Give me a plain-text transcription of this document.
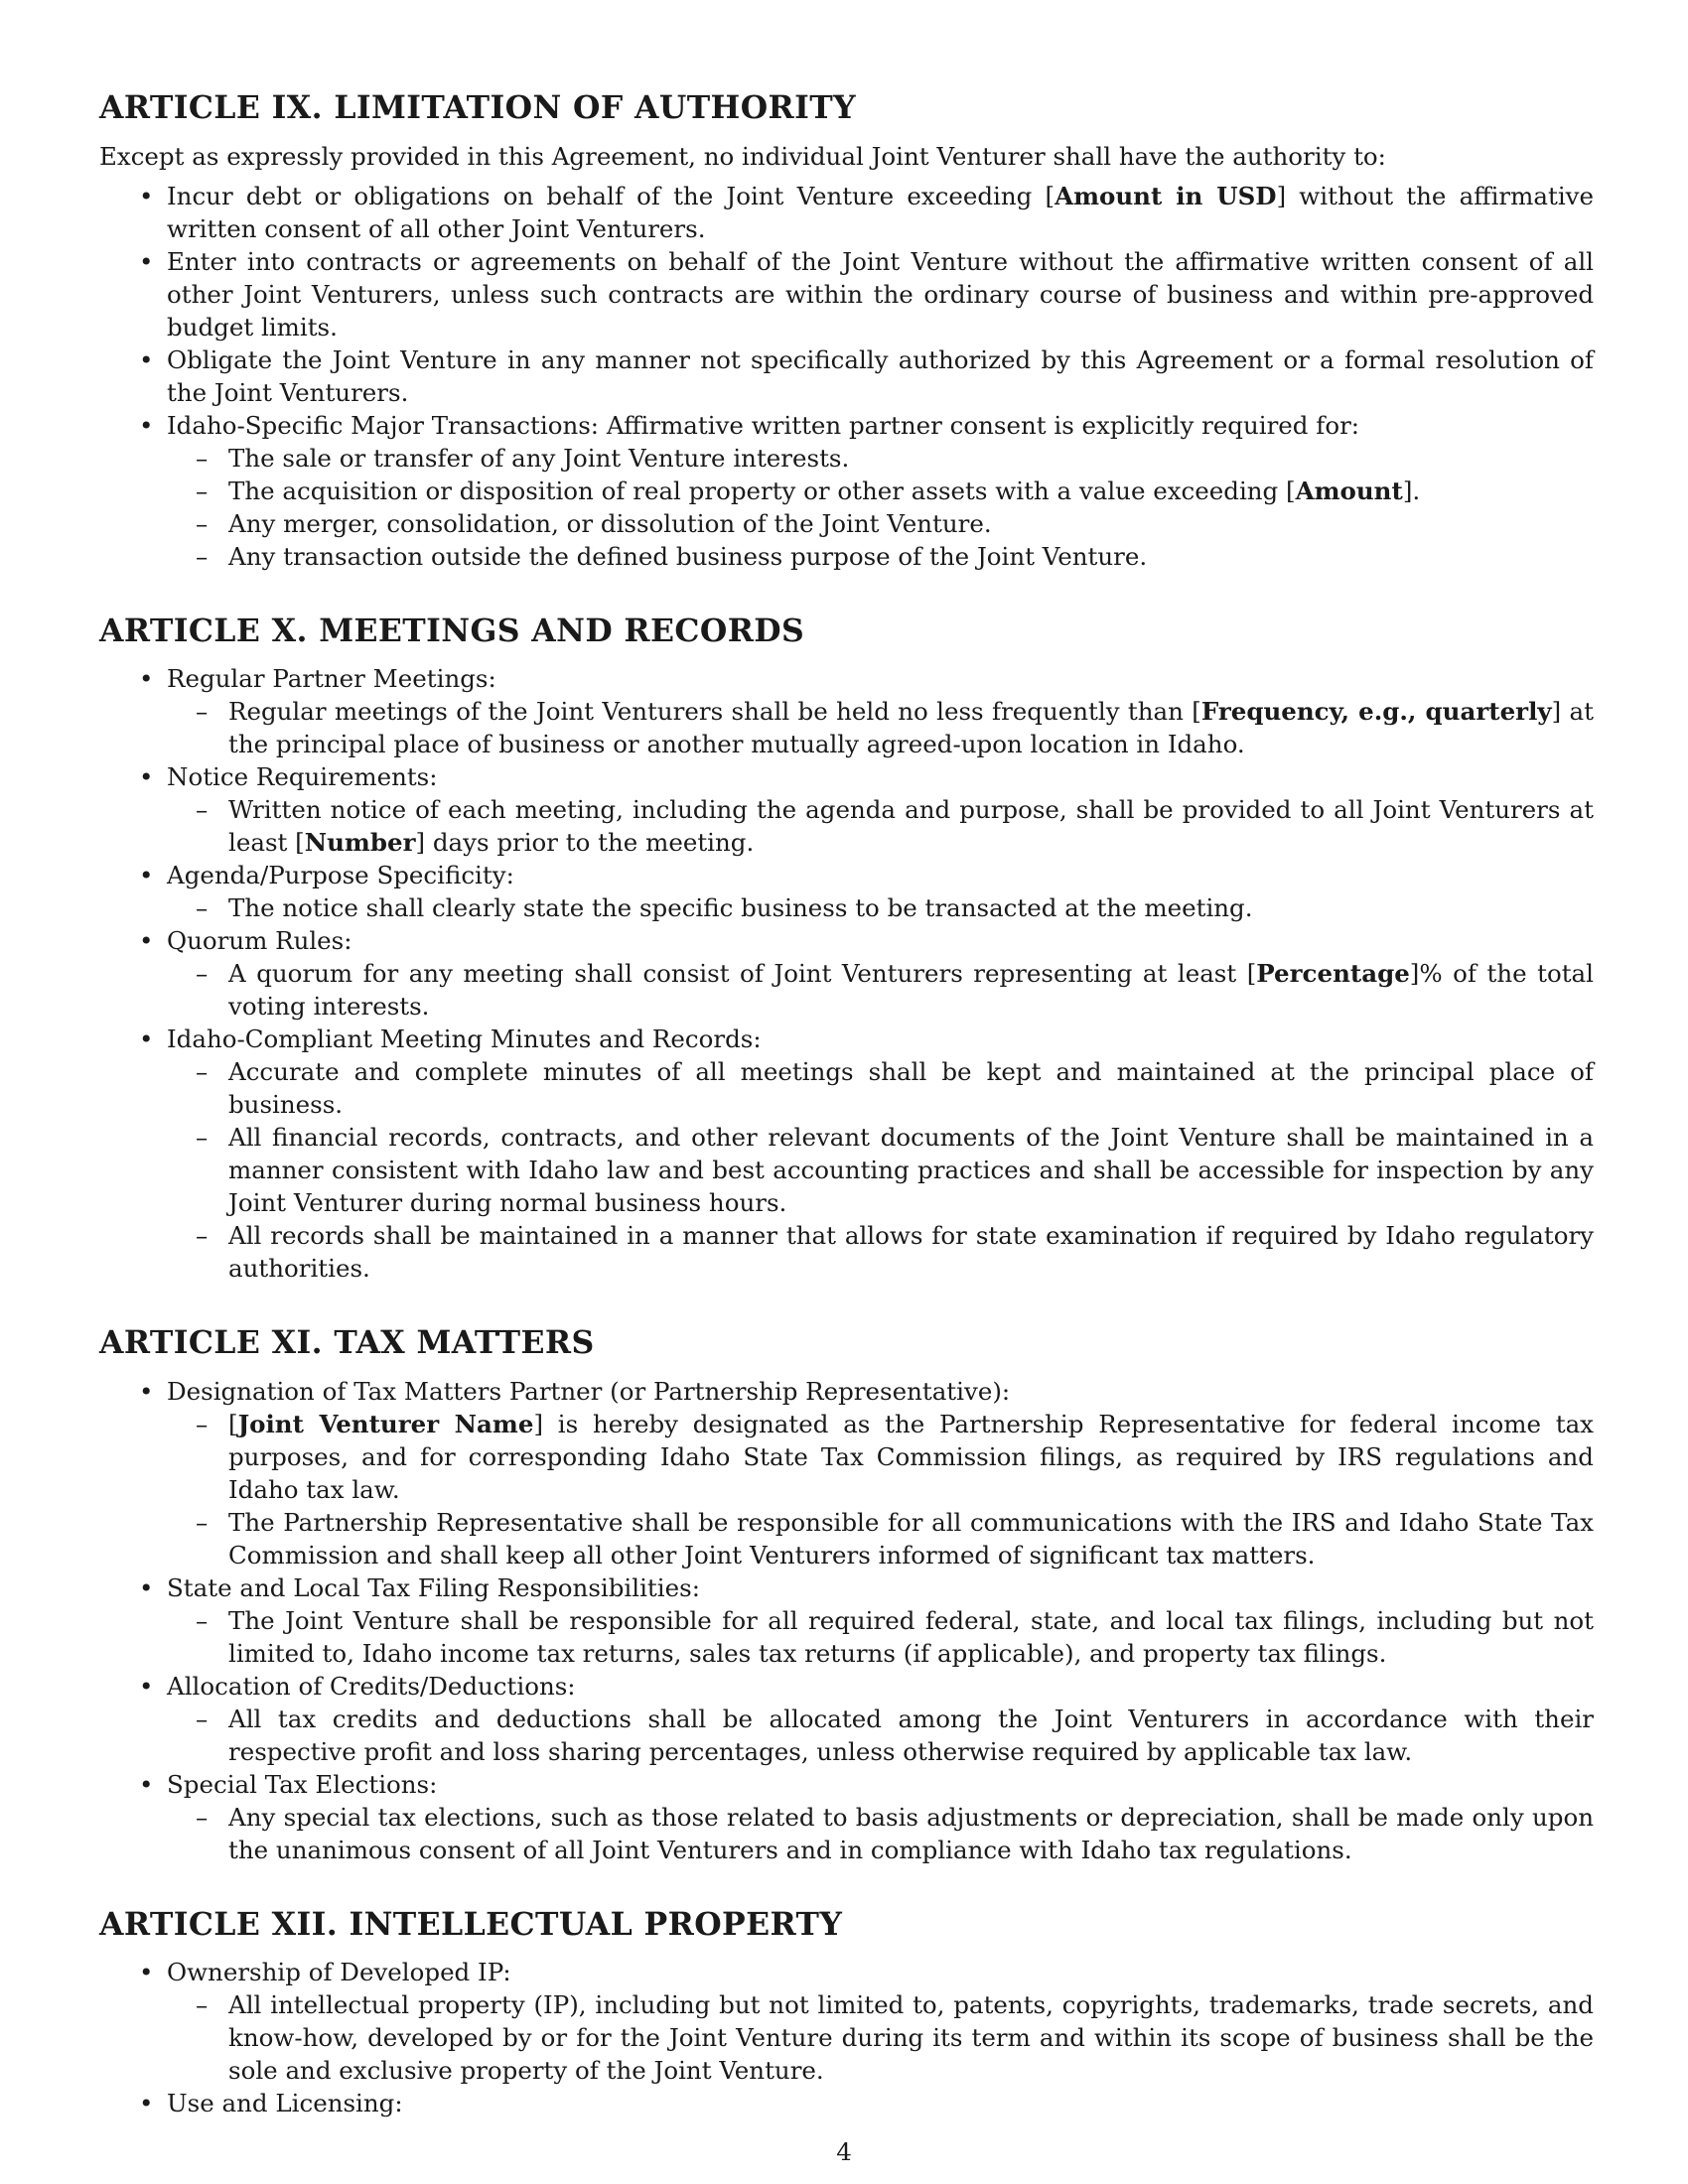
ARTICLE IX. LIMITATION OF AUTHORITY

Except as expressly provided in this Agreement, no individual Joint Venturer shall have the authority to:

• Incur debt or obligations on behalf of the Joint Venture exceeding [Amount in USD] without the affirmative written consent of all other Joint Venturers.
• Enter into contracts or agreements on behalf of the Joint Venture without the affirmative written consent of all other Joint Venturers, unless such contracts are within the ordinary course of business and within pre-approved budget limits.
• Obligate the Joint Venture in any manner not specifically authorized by this Agreement or a formal resolution of the Joint Venturers.
• Idaho-Specific Major Transactions: Affirmative written partner consent is explicitly required for:
– The sale or transfer of any Joint Venture interests.
– The acquisition or disposition of real property or other assets with a value exceeding [Amount].
– Any merger, consolidation, or dissolution of the Joint Venture.
– Any transaction outside the defined business purpose of the Joint Venture.
ARTICLE X. MEETINGS AND RECORDS
• Regular Partner Meetings:
– Regular meetings of the Joint Venturers shall be held no less frequently than [Frequency, e.g., quarterly] at the principal place of business or another mutually agreed-upon location in Idaho.
• Notice Requirements:
– Written notice of each meeting, including the agenda and purpose, shall be provided to all Joint Venturers at least [Number] days prior to the meeting.
• Agenda/Purpose Specificity:
– The notice shall clearly state the specific business to be transacted at the meeting.
• Quorum Rules:
– A quorum for any meeting shall consist of Joint Venturers representing at least [Percentage]% of the total voting interests.
• Idaho-Compliant Meeting Minutes and Records:
– Accurate and complete minutes of all meetings shall be kept and maintained at the principal place of business.
– All financial records, contracts, and other relevant documents of the Joint Venture shall be maintained in a manner consistent with Idaho law and best accounting practices and shall be accessible for inspection by any Joint Venturer during normal business hours.
– All records shall be maintained in a manner that allows for state examination if required by Idaho regulatory authorities.
ARTICLE XI. TAX MATTERS
• Designation of Tax Matters Partner (or Partnership Representative):
– [Joint Venturer Name] is hereby designated as the Partnership Representative for federal income tax purposes, and for corresponding Idaho State Tax Commission filings, as required by IRS regulations and Idaho tax law.
– The Partnership Representative shall be responsible for all communications with the IRS and Idaho State Tax Commission and shall keep all other Joint Venturers informed of significant tax matters.
• State and Local Tax Filing Responsibilities:
– The Joint Venture shall be responsible for all required federal, state, and local tax filings, including but not limited to, Idaho income tax returns, sales tax returns (if applicable), and property tax filings.
• Allocation of Credits/Deductions:
– All tax credits and deductions shall be allocated among the Joint Venturers in accordance with their respective profit and loss sharing percentages, unless otherwise required by applicable tax law.
• Special Tax Elections:
– Any special tax elections, such as those related to basis adjustments or depreciation, shall be made only upon the unanimous consent of all Joint Venturers and in compliance with Idaho tax regulations.
ARTICLE XII. INTELLECTUAL PROPERTY
• Ownership of Developed IP:
– All intellectual property (IP), including but not limited to, patents, copyrights, trademarks, trade secrets, and know-how, developed by or for the Joint Venture during its term and within its scope of business shall be the sole and exclusive property of the Joint Venture.
• Use and Licensing:
4
